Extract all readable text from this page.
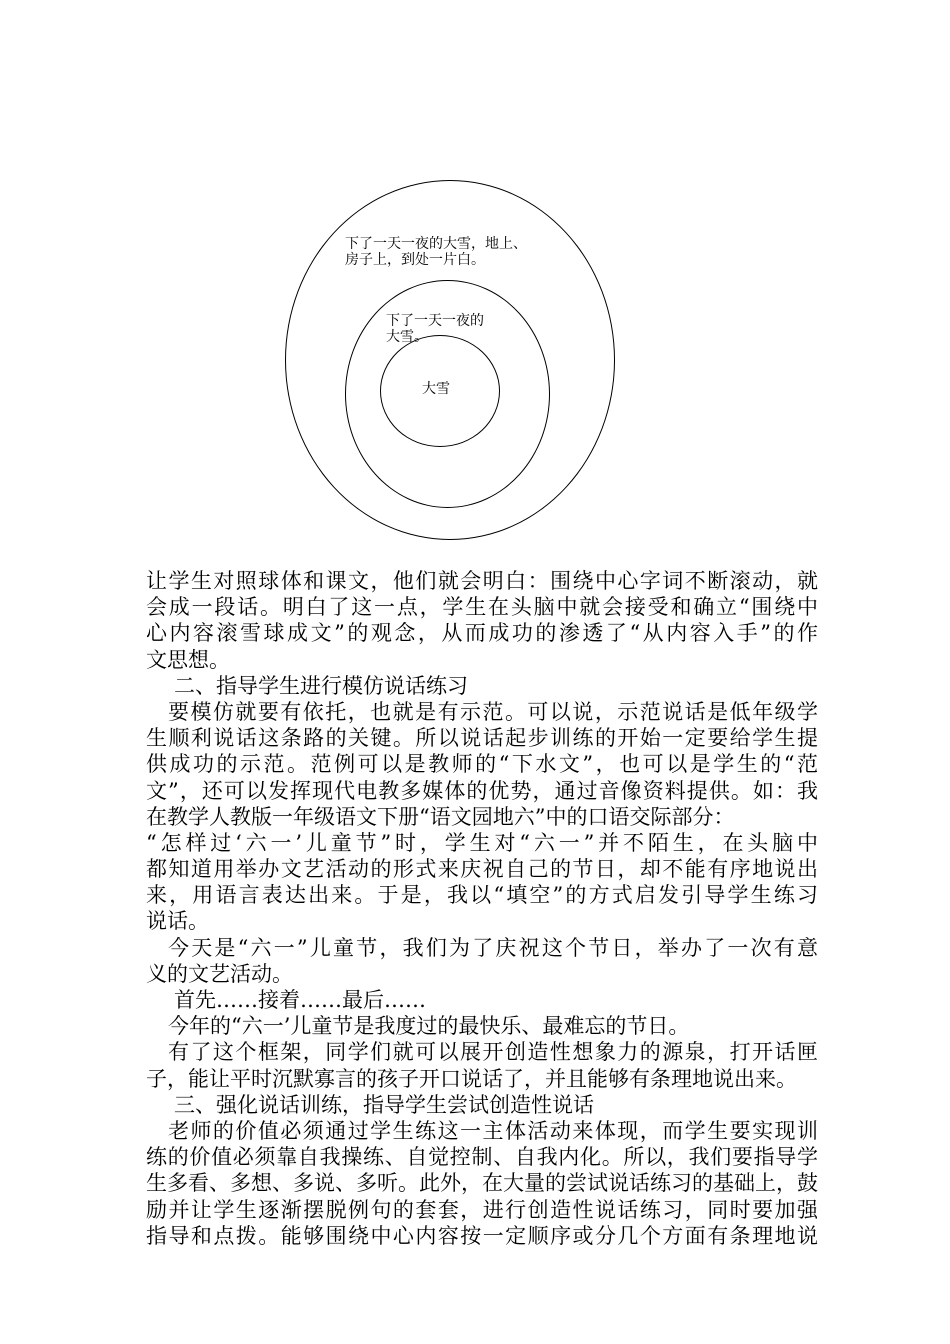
下了一天一夜的大雪，地上、
房子上，到处一片白。
下了一天一夜的
大雪。
大雪
让学生对照球体和课文，他们就会明白：围绕中心字词不断滚动，就
会成一段话。明白了这一点，学生在头脑中就会接受和确立“围绕中
心内容滚雪球成文”的观念，从而成功的渗透了“从内容入手”的作
文思想。
二、指导学生进行模仿说话练习
要模仿就要有依托，也就是有示范。可以说，示范说话是低年级学
生顺利说话这条路的关键。所以说话起步训练的开始一定要给学生提
供成功的示范。范例可以是教师的“下水文”，也可以是学生的“范
文”，还可以发挥现代电教多媒体的优势，通过音像资料提供。如：我
在教学人教版一年级语文下册“语文园地六”中的口语交际部分：
“怎样过‘六一’儿童节”时，学生对“六一”并不陌生，在头脑中
都知道用举办文艺活动的形式来庆祝自己的节日，却不能有序地说出
来，用语言表达出来。于是，我以“填空”的方式启发引导学生练习
说话。
今天是“六一”儿童节，我们为了庆祝这个节日，举办了一次有意
义的文艺活动。
首先……接着……最后……
今年的“六一’儿童节是我度过的最快乐、最难忘的节日。
有了这个框架，同学们就可以展开创造性想象力的源泉，打开话匣
子，能让平时沉默寡言的孩子开口说话了，并且能够有条理地说出来。
三、强化说话训练，指导学生尝试创造性说话
老师的价值必须通过学生练这一主体活动来体现，而学生要实现训
练的价值必须靠自我操练、自觉控制、自我内化。所以，我们要指导学
生多看、多想、多说、多听。此外，在大量的尝试说话练习的基础上，鼓
励并让学生逐渐摆脱例句的套套，进行创造性说话练习，同时要加强
指导和点拨。能够围绕中心内容按一定顺序或分几个方面有条理地说
